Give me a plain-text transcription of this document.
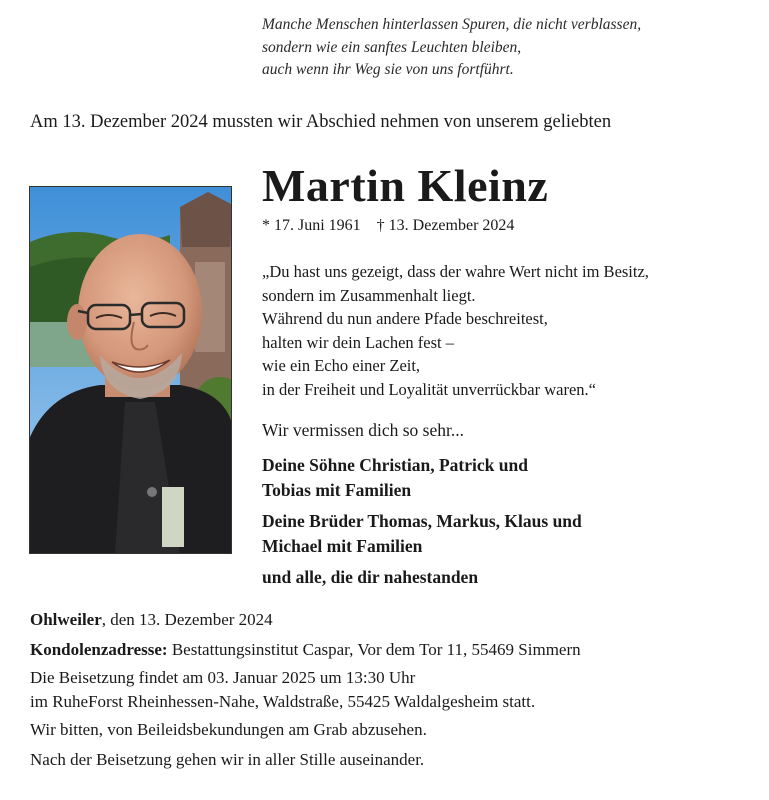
Manche Menschen hinterlassen Spuren, die nicht verblassen,
sondern wie ein sanftes Leuchten bleiben,
auch wenn ihr Weg sie von uns fortführt.
Am 13. Dezember 2024 mussten wir Abschied nehmen von unserem geliebten
Martin Kleinz
* 17. Juni 1961 † 13. Dezember 2024
„Du hast uns gezeigt, dass der wahre Wert nicht im Besitz,
sondern im Zusammenhalt liegt.
Während du nun andere Pfade beschreitest,
halten wir dein Lachen fest –
wie ein Echo einer Zeit,
in der Freiheit und Loyalität unverrückbar waren.“
Wir vermissen dich so sehr...
Deine Söhne Christian, Patrick und
Tobias mit Familien
Deine Brüder Thomas, Markus, Klaus und
Michael mit Familien
und alle, die dir nahestanden
Ohlweiler, den 13. Dezember 2024
Kondolenzadresse: Bestattungsinstitut Caspar, Vor dem Tor 11, 55469 Simmern
Die Beisetzung findet am 03. Januar 2025 um 13:30 Uhr
im RuheForst Rheinhessen-Nahe, Waldstraße, 55425 Waldalgesheim statt.
Wir bitten, von Beileidsbekundungen am Grab abzusehen.
Nach der Beisetzung gehen wir in aller Stille auseinander.
